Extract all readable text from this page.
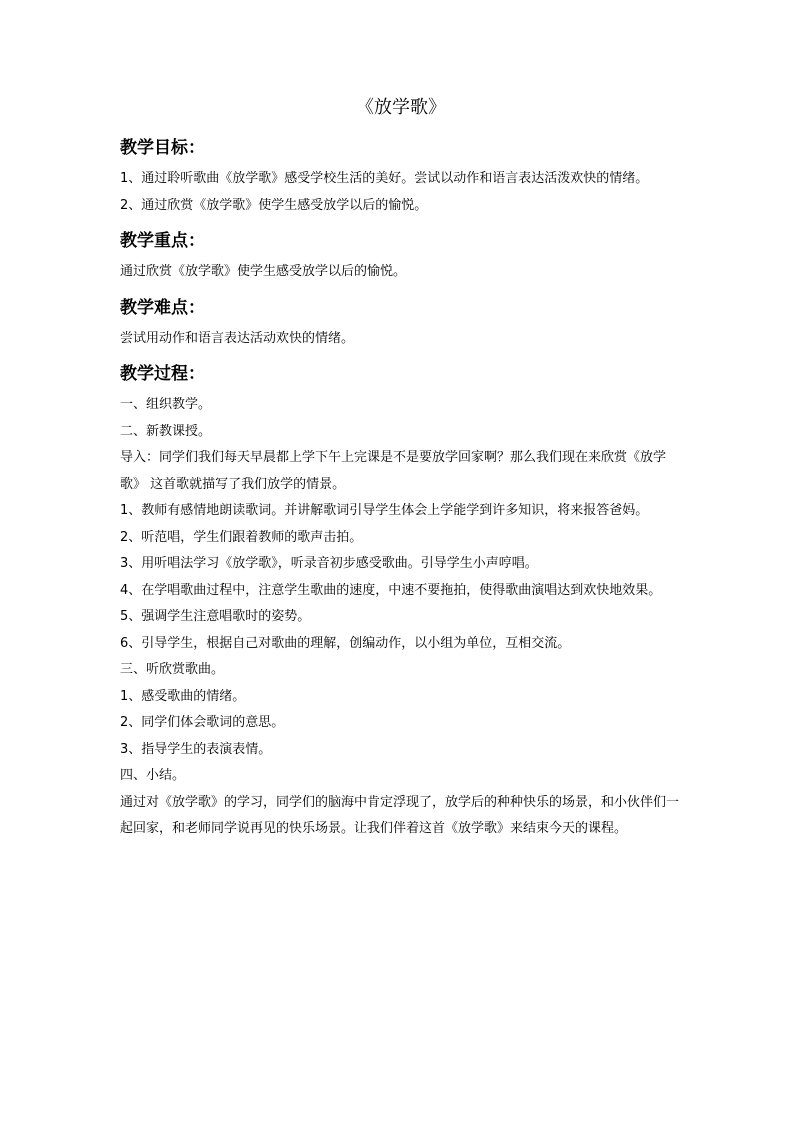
《放学歌》
教学目标：

1、通过聆听歌曲《放学歌》感受学校生活的美好。尝试以动作和语言表达活泼欢快的情绪。

2、通过欣赏《放学歌》使学生感受放学以后的愉悦。

教学重点：

通过欣赏《放学歌》使学生感受放学以后的愉悦。

教学难点：

尝试用动作和语言表达活动欢快的情绪。

教学过程：

一、组织教学。

二、新教课授。

导入：同学们我们每天早晨都上学下午上完课是不是要放学回家啊？那么我们现在来欣赏《放学歌》 这首歌就描写了我们放学的情景。

1、教师有感情地朗读歌词。并讲解歌词引导学生体会上学能学到许多知识，将来报答爸妈。

2、听范唱，学生们跟着教师的歌声击拍。

3、用听唱法学习《放学歌》，听录音初步感受歌曲。引导学生小声哼唱。

4、在学唱歌曲过程中，注意学生歌曲的速度，中速不要拖拍，使得歌曲演唱达到欢快地效果。

5、强调学生注意唱歌时的姿势。

6、引导学生，根据自己对歌曲的理解，创编动作，以小组为单位，互相交流。

三、听欣赏歌曲。

1、感受歌曲的情绪。

2、同学们体会歌词的意思。

3、指导学生的表演表情。

四、小结。

通过对《放学歌》的学习，同学们的脑海中肯定浮现了，放学后的种种快乐的场景，和小伙伴们一起回家，和老师同学说再见的快乐场景。让我们伴着这首《放学歌》来结束今天的课程。
